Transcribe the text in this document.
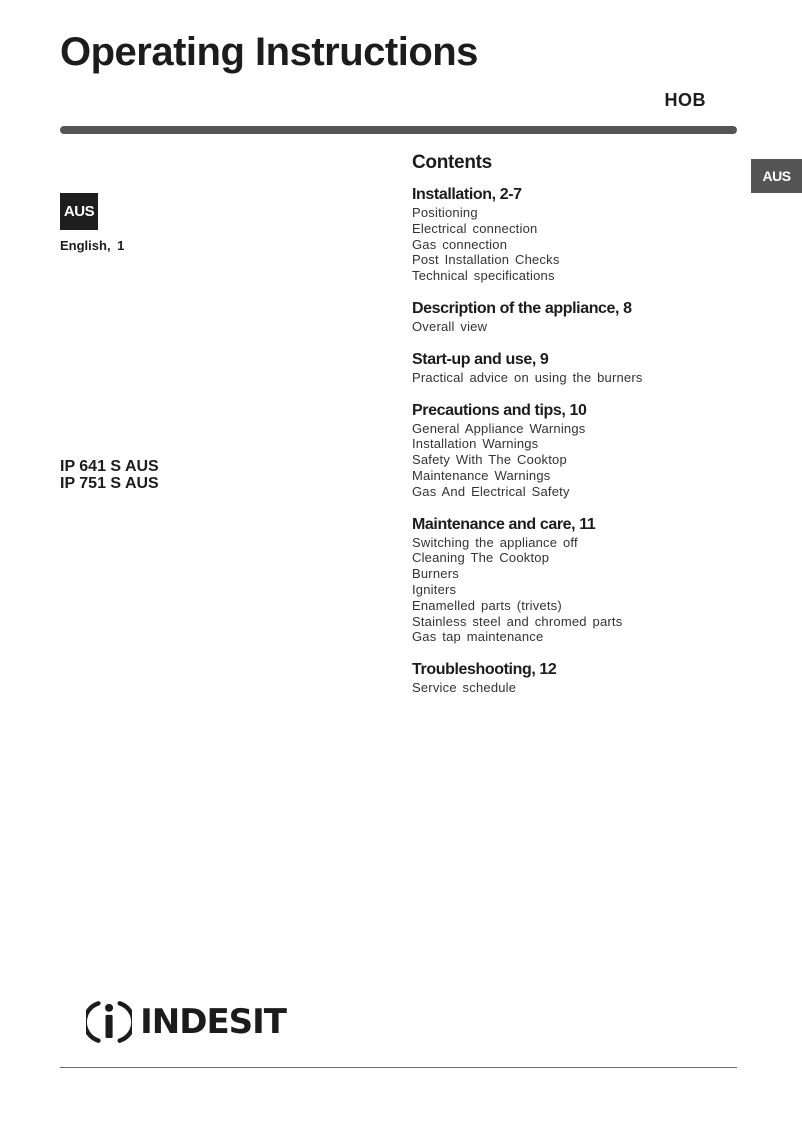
Operating Instructions
HOB
AUS
AUS
English, 1
IP 641 S AUS
IP 751 S AUS
Contents
Installation, 2-7
Positioning
Electrical connection
Gas connection
Post Installation Checks
Technical specifications
Description of the appliance, 8
Overall view
Start-up and use, 9
Practical advice on using the burners
Precautions and tips, 10
General Appliance Warnings
Installation Warnings
Safety With The Cooktop
Maintenance Warnings
Gas And Electrical Safety
Maintenance and care, 11
Switching the appliance off
Cleaning The Cooktop
Burners
Igniters
Enamelled parts (trivets)
Stainless steel and chromed parts
Gas tap maintenance
Troubleshooting, 12
Service schedule
INDESIT
